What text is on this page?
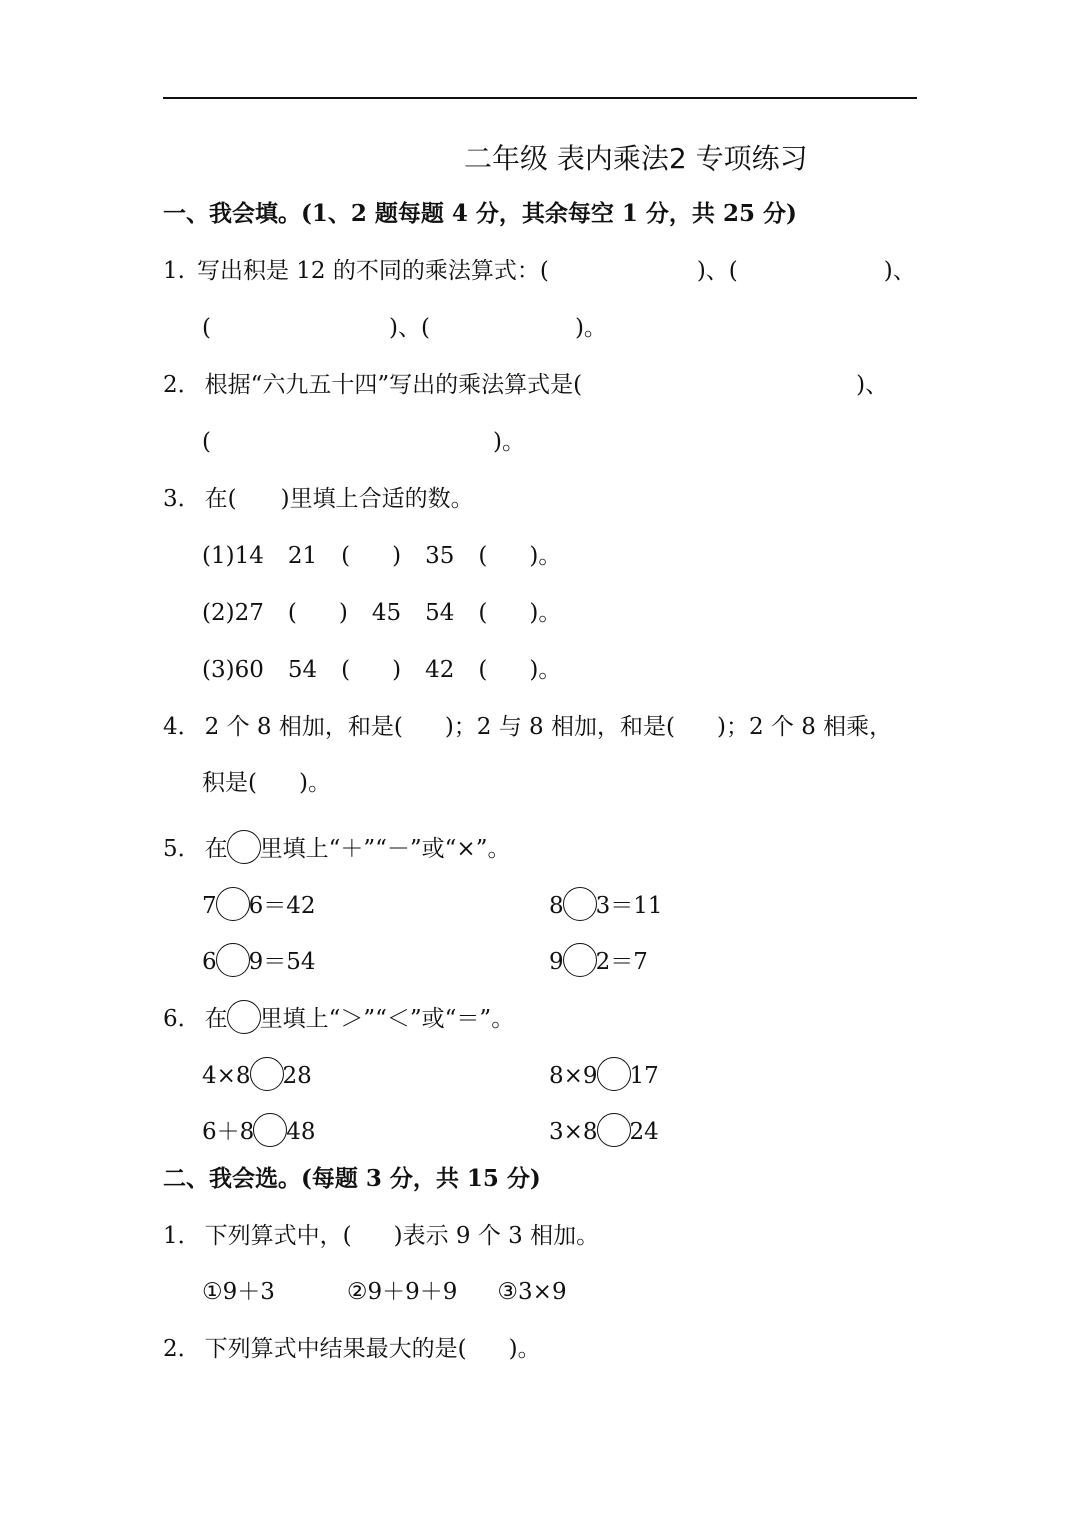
二年级 表内乘法2 专项练习
一、我会填。(1、2 题每题 4 分，其余每空 1 分，共 25 分)
1. 写出积是 12 的不同的乘法算式：(	)、(	)、
(	)、(	)。
2． 根据“六九五十四”写出的乘法算式是(	)、
(	)。
3． 在( )里填上合适的数。
(1)14 21 ( ) 35 ( )。
(2)27 ( ) 45 54 ( )。
(3)60 54 ( ) 42 ( )。
4． 2 个 8 相加，和是( )；2 与 8 相加，和是( )；2 个 8 相乘，
积是( )。
5． 在 里填上“＋”“－”或“×”。
7 6＝42	8 3＝11
6 9＝54	9 2＝7
6． 在 里填上“＞”“＜”或“＝”。
4×8 28	8×9 17
6＋8 48	3×8 24
二、我会选。(每题 3 分，共 15 分)
1． 下列算式中，( )表示 9 个 3 相加。
①9＋3	②9＋9＋9 ③3×9
2． 下列算式中结果最大的是( )。
